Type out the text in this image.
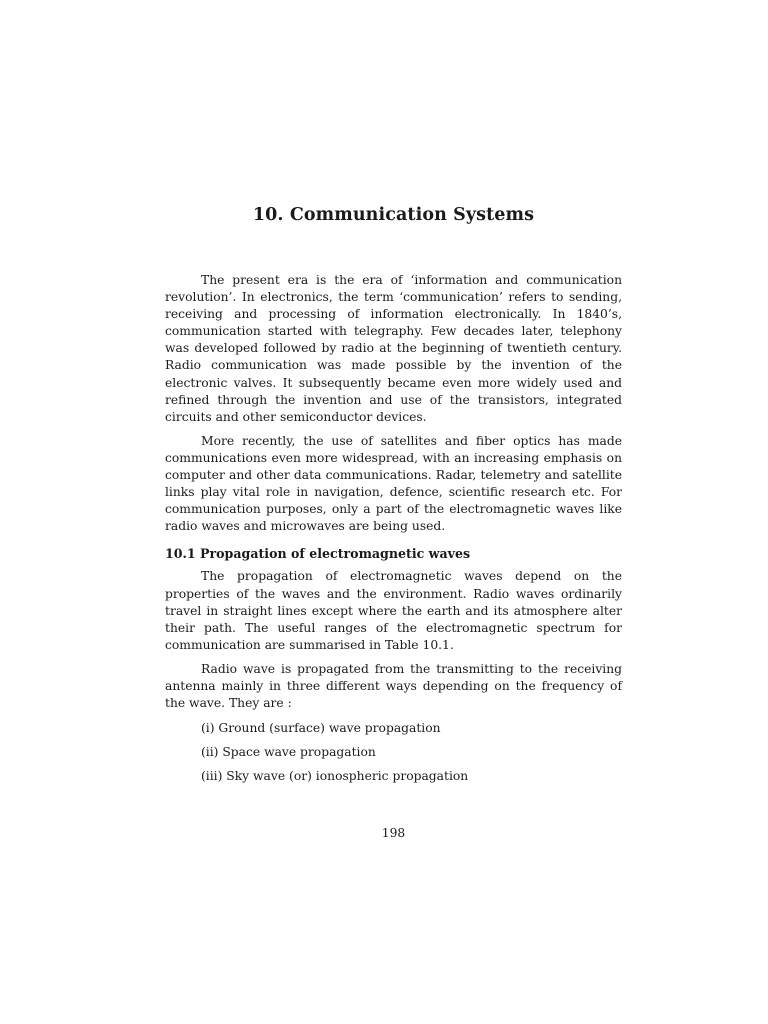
10. Communication Systems

The present era is the era of ‘information and communication revolution’. In electronics, the term ‘communication’ refers to sending, receiving and processing of information electronically. In 1840’s, communication started with telegraphy. Few decades later, telephony was developed followed by radio at the beginning of twentieth century. Radio communication was made possible by the invention of the electronic valves. It subsequently became even more widely used and refined through the invention and use of the transistors, integrated circuits and other semiconductor devices.

More recently, the use of satellites and fiber optics has made communications even more widespread, with an increasing emphasis on computer and other data communications. Radar, telemetry and satellite links play vital role in navigation, defence, scientific research etc. For communication purposes, only a part of the electromagnetic waves like radio waves and microwaves are being used.

10.1 Propagation of electromagnetic waves

The propagation of electromagnetic waves depend on the properties of the waves and the environment. Radio waves ordinarily travel in straight lines except where the earth and its atmosphere alter their path. The useful ranges of the electromagnetic spectrum for communication are summarised in Table 10.1.

Radio wave is propagated from the transmitting to the receiving antenna mainly in three different ways depending on the frequency of the wave. They are :

(i) Ground (surface) wave propagation
(ii) Space wave propagation
(iii) Sky wave (or) ionospheric propagation
198
